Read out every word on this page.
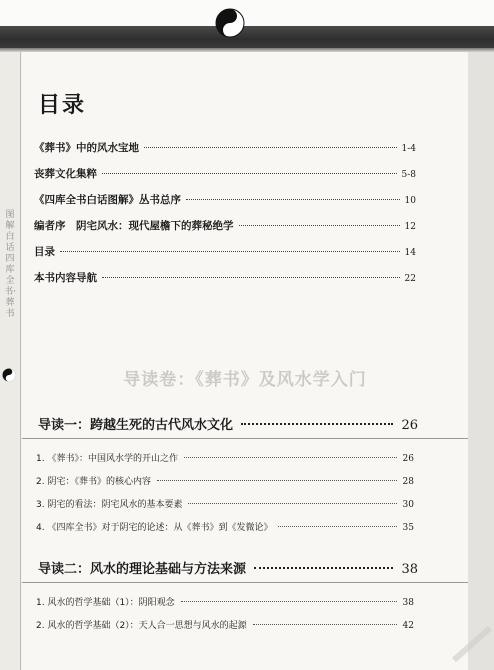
图解白话四库全书·葬书
目录
《葬书》中的风水宝地	1-4
丧葬文化集粹	5-8
《四库全书白话图解》丛书总序	10
编者序　阴宅风水：现代屋檐下的葬秘绝学	12
目录	14
本书内容导航	22
导读卷：《葬书》及风水学入门
导读一：跨越生死的古代风水文化	26
1. 《葬书》：中国风水学的开山之作	26
2. 阴宅：《葬书》的核心内容	28
3. 阴宅的看法：阴宅风水的基本要素	30
4. 《四库全书》对于阴宅的论述：从《葬书》到《发微论》	35
导读二：风水的理论基础与方法来源	38
1. 风水的哲学基础（1）：阴阳观念	38
2. 风水的哲学基础（2）：天人合一思想与风水的起源	42
